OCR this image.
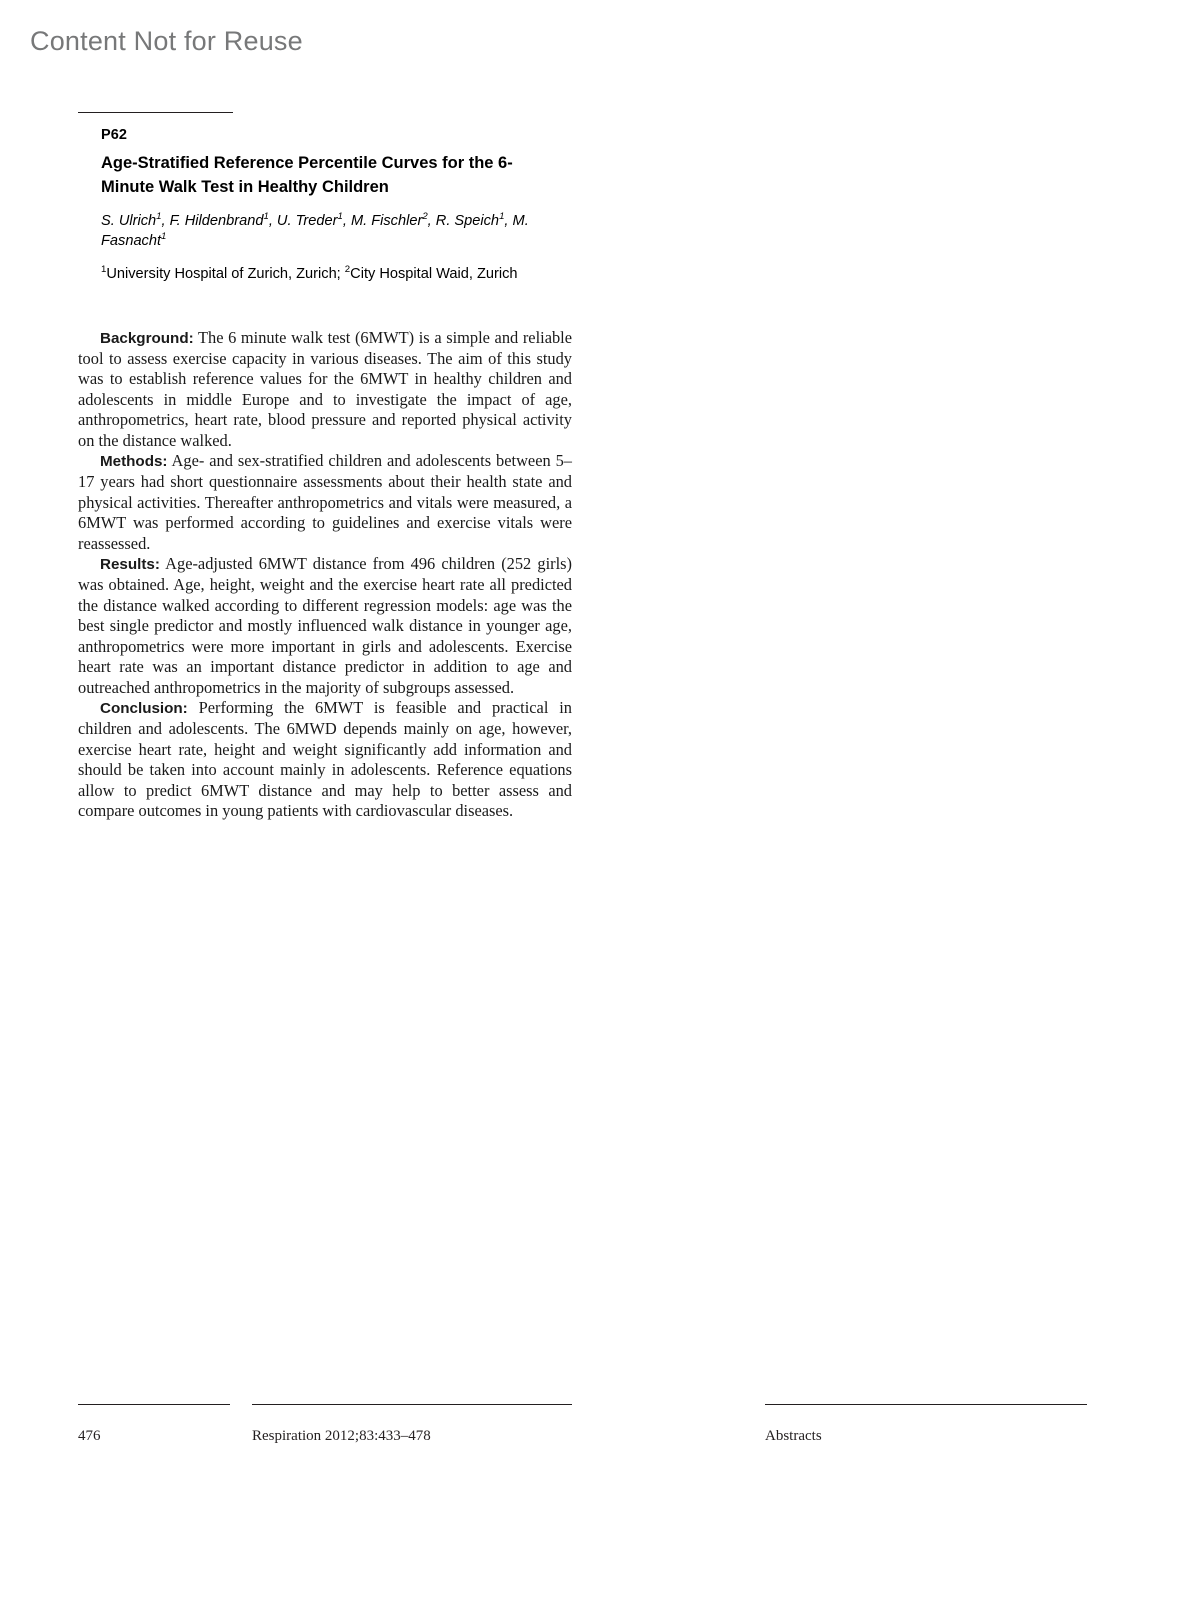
Content Not for Reuse
P62
Age-Stratified Reference Percentile Curves for the 6-Minute Walk Test in Healthy Children
S. Ulrich$^1$, F. Hildenbrand$^1$, U. Treder$^1$, M. Fischler$^2$, R. Speich$^1$, M. Fasnacht$^1$
$^1$University Hospital of Zurich, Zurich; $^2$City Hospital Waid, Zurich

Background: The 6 minute walk test (6MWT) is a simple and reliable tool to assess exercise capacity in various diseases. The aim of this study was to establish reference values for the 6MWT in healthy children and adolescents in middle Europe and to investigate the impact of age, anthropometrics, heart rate, blood pressure and reported physical activity on the distance walked.

Methods: Age- and sex-stratified children and adolescents between 5–17 years had short questionnaire assessments about their health state and physical activities. Thereafter anthropometrics and vitals were measured, a 6MWT was performed according to guidelines and exercise vitals were reassessed.

Results: Age-adjusted 6MWT distance from 496 children (252 girls) was obtained. Age, height, weight and the exercise heart rate all predicted the distance walked according to different regression models: age was the best single predictor and mostly influenced walk distance in younger age, anthropometrics were more important in girls and adolescents. Exercise heart rate was an important distance predictor in addition to age and outreached anthropometrics in the majority of subgroups assessed.

Conclusion: Performing the 6MWT is feasible and practical in children and adolescents. The 6MWD depends mainly on age, however, exercise heart rate, height and weight significantly add information and should be taken into account mainly in adolescents. Reference equations allow to predict 6MWT distance and may help to better assess and compare outcomes in young patients with cardiovascular diseases.

476	Respiration 2012;83:433–478	Abstracts
